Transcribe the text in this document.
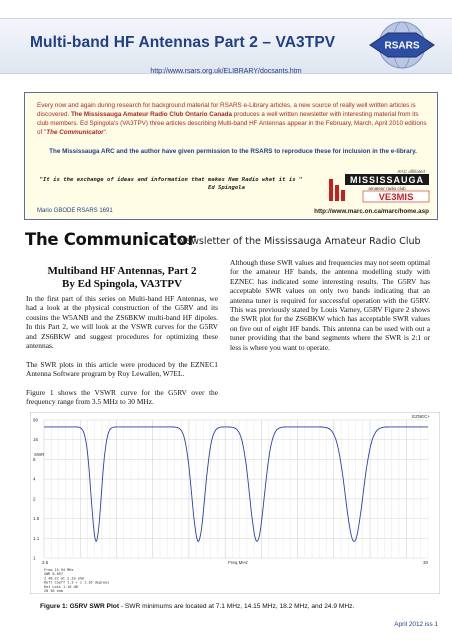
Multi-band HF Antennas Part 2 – VA3TPV	RSARS
http://www.rsars.org.uk/ELIBRARY/docsants.htm
Every now and again during research for background material for RSARS e-Library articles, a new source of really well written articles is discovered. The Mississauga Amateur Radio Club Ontario Canada produces a well written newsletter with interesting material from its club members. Ed Spingola's (VA3TPV) three articles describing Multi-band HF Antennas appear in the February, March, April 2010 editions of "The Communicator".
The Mississauga ARC and the author have given permission to the RSARS to reproduce these for inclusion in the e-library.
"It is the exchange of ideas and information that makes Ham Radio what it is "
Ed Spingola
RAC affiliated
MISSISSAUGA
amateur radio club
VE3MIS
Mario GBODE RSARS 1691	http://www.marc.on.ca/marc/home.asp
The Communicator
Newsletter of the Mississauga Amateur Radio Club
Multiband HF Antennas, Part 2
By Ed Spingola, VA3TPV

In the first part of this series on Multi-band HF Antennas, we had a look at the physical construction of the G5RV and its cousins the W5ANB and the ZS6BKW multi-band HF dipoles. In this Part 2, we will look at the VSWR curves for the G5RV and ZS6BKW and suggest procedures for optimizing these antennas.

The SWR plots in this article were produced by the EZNEC1 Antenna Software program by Roy Lewallen, W7EL.

Figure 1 shows the VSWR curve for the G5RV over the frequency range from 3.5 MHz to 30 MHz.

Although these SWR values and frequencies may not seem optimal for the amateur HF bands, the antenna modelling study with EZNEC has indicated some interesting results. The G5RV has acceptable SWR values on only two bands indicating that an antenna tuner is required for successful operation with the G5RV. This was previously stated by Louis Varney, G5RV Figure 2 shows the SWR plot for the ZS6BKW which has acceptable SWR values on five out of eight HF bands. This antenna can be used with out a tuner providing that the band segments where the SWR is 2:1 or less is where you want to operate.

EZNEC+
SWR
90
16
8
4
2
1.5
1.1
1
3.5	Freq MHz	30
Freq 15.94 MHz
SWR 8.897
Z 48.22 at 2.10 ohm
Refl Coeff 1.3 + j 1.16 degrees
Ret Loss 1.10 dB
Z0 50 ohm
Figure 1: G5RV SWR Plot - SWR minimums are located at 7.1 MHz, 14.15 MHz, 18.2 MHz, and 24.9 MHz.
April 2012 iss 1
